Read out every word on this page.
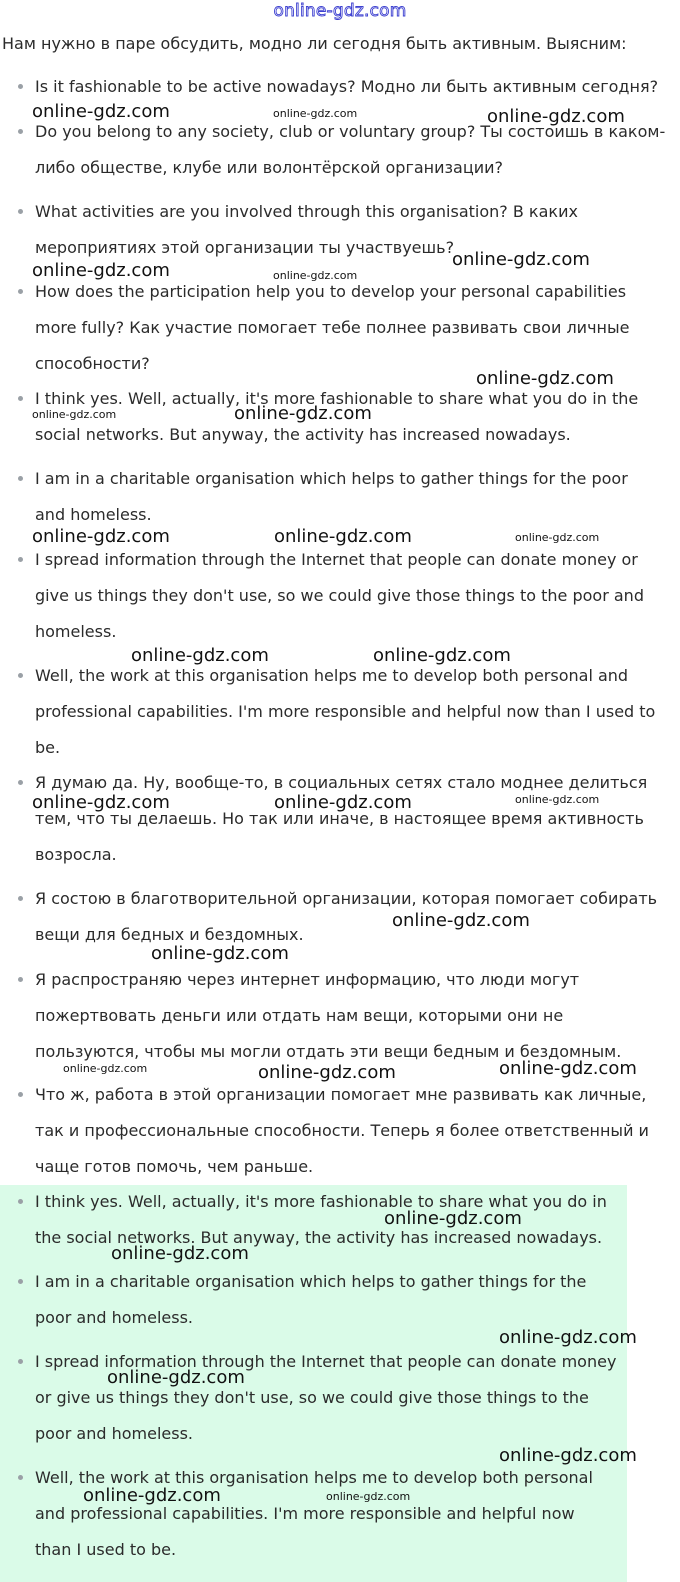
online-gdz.com

Нам нужно в паре обсудить, модно ли сегодня быть активным. Выясним:

Is it fashionable to be active nowadays? Модно ли быть активным сегодня?
Do you belong to any society, club or voluntary group? Ты состоишь в каком-либо обществе, клубе или волонтёрской организации?
What activities are you involved through this organisation? В каких мероприятиях этой организации ты участвуешь?
How does the participation help you to develop your personal capabilities more fully? Как участие помогает тебе полнее развивать свои личные способности?
I think yes. Well, actually, it's more fashionable to share what you do in the social networks. But anyway, the activity has increased nowadays.
I am in a charitable organisation which helps to gather things for the poor and homeless.
I spread information through the Internet that people can donate money or give us things they don't use, so we could give those things to the poor and homeless.
Well, the work at this organisation helps me to develop both personal and professional capabilities. I'm more responsible and helpful now than I used to be.
Я думаю да. Ну, вообще-то, в социальных сетях стало моднее делиться тем, что ты делаешь. Но так или иначе, в настоящее время активность возросла.
Я состою в благотворительной организации, которая помогает собирать вещи для бедных и бездомных.
Я распространяю через интернет информацию, что люди могут пожертвовать деньги или отдать нам вещи, которыми они не пользуются, чтобы мы могли отдать эти вещи бедным и бездомным.
Что ж, работа в этой организации помогает мне развивать как личные, так и профессиональные способности. Теперь я более ответственный и чаще готов помочь, чем раньше.
I think yes. Well, actually, it's more fashionable to share what you do in the social networks. But anyway, the activity has increased nowadays.
I am in a charitable organisation which helps to gather things for the poor and homeless.
I spread information through the Internet that people can donate money or give us things they don't use, so we could give those things to the poor and homeless.
Well, the work at this organisation helps me to develop both personal and professional capabilities. I'm more responsible and helpful now than I used to be.
online-gdz.com	online-gdz.com	online-gdz.com
online-gdz.com
online-gdz.com	online-gdz.com
online-gdz.com
online-gdz.com
online-gdz.com
online-gdz.com	online-gdz.com	online-gdz.com
online-gdz.com	online-gdz.com
online-gdz.com	online-gdz.com	online-gdz.com
online-gdz.com
online-gdz.com
online-gdz.com
online-gdz.com	online-gdz.com
online-gdz.com
online-gdz.com
online-gdz.com
online-gdz.com
online-gdz.com
online-gdz.com	online-gdz.com
